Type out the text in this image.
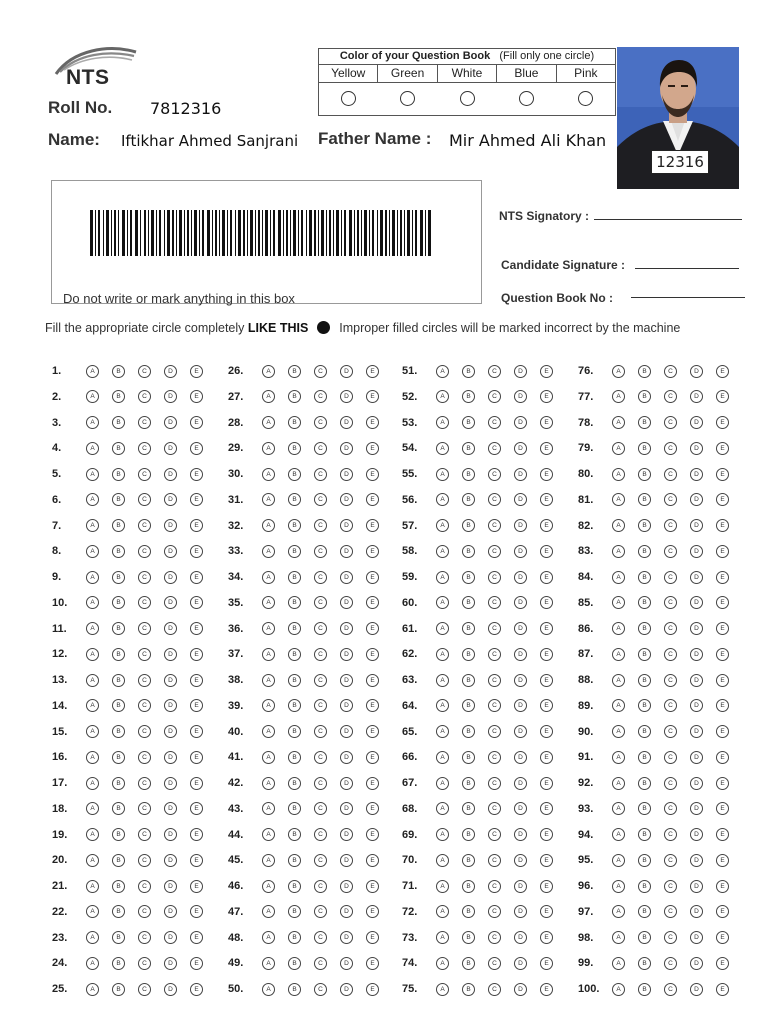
NTS
Roll No. 7812316
Name: Iftikhar Ahmed Sanjrani Father Name : Mir Ahmed Ali Khan
Color of your Question Book (Fill only one circle)
Yellow	Green	White	Blue	Pink
12316
Do not write or mark anything in this box
NTS Signatory :
Candidate Signature :
Question Book No :
Fill the appropriate circle completely LIKE THIS Improper filled circles will be marked incorrect by the machine
1.	A	B	C	D	E
2.	A	B	C	D	E
3.	A	B	C	D	E
4.	A	B	C	D	E
5.	A	B	C	D	E
6.	A	B	C	D	E
7.	A	B	C	D	E
8.	A	B	C	D	E
9.	A	B	C	D	E
10.	A	B	C	D	E
11.	A	B	C	D	E
12.	A	B	C	D	E
13.	A	B	C	D	E
14.	A	B	C	D	E
15.	A	B	C	D	E
16.	A	B	C	D	E
17.	A	B	C	D	E
18.	A	B	C	D	E
19.	A	B	C	D	E
20.	A	B	C	D	E
21.	A	B	C	D	E
22.	A	B	C	D	E
23.	A	B	C	D	E
24.	A	B	C	D	E
25.	A	B	C	D	E
26.	A	B	C	D	E
27.	A	B	C	D	E
28.	A	B	C	D	E
29.	A	B	C	D	E
30.	A	B	C	D	E
31.	A	B	C	D	E
32.	A	B	C	D	E
33.	A	B	C	D	E
34.	A	B	C	D	E
35.	A	B	C	D	E
36.	A	B	C	D	E
37.	A	B	C	D	E
38.	A	B	C	D	E
39.	A	B	C	D	E
40.	A	B	C	D	E
41.	A	B	C	D	E
42.	A	B	C	D	E
43.	A	B	C	D	E
44.	A	B	C	D	E
45.	A	B	C	D	E
46.	A	B	C	D	E
47.	A	B	C	D	E
48.	A	B	C	D	E
49.	A	B	C	D	E
50.	A	B	C	D	E
51.	A	B	C	D	E
52.	A	B	C	D	E
53.	A	B	C	D	E
54.	A	B	C	D	E
55.	A	B	C	D	E
56.	A	B	C	D	E
57.	A	B	C	D	E
58.	A	B	C	D	E
59.	A	B	C	D	E
60.	A	B	C	D	E
61.	A	B	C	D	E
62.	A	B	C	D	E
63.	A	B	C	D	E
64.	A	B	C	D	E
65.	A	B	C	D	E
66.	A	B	C	D	E
67.	A	B	C	D	E
68.	A	B	C	D	E
69.	A	B	C	D	E
70.	A	B	C	D	E
71.	A	B	C	D	E
72.	A	B	C	D	E
73.	A	B	C	D	E
74.	A	B	C	D	E
75.	A	B	C	D	E
76.	A	B	C	D	E
77.	A	B	C	D	E
78.	A	B	C	D	E
79.	A	B	C	D	E
80.	A	B	C	D	E
81.	A	B	C	D	E
82.	A	B	C	D	E
83.	A	B	C	D	E
84.	A	B	C	D	E
85.	A	B	C	D	E
86.	A	B	C	D	E
87.	A	B	C	D	E
88.	A	B	C	D	E
89.	A	B	C	D	E
90.	A	B	C	D	E
91.	A	B	C	D	E
92.	A	B	C	D	E
93.	A	B	C	D	E
94.	A	B	C	D	E
95.	A	B	C	D	E
96.	A	B	C	D	E
97.	A	B	C	D	E
98.	A	B	C	D	E
99.	A	B	C	D	E
100.	A	B	C	D	E
